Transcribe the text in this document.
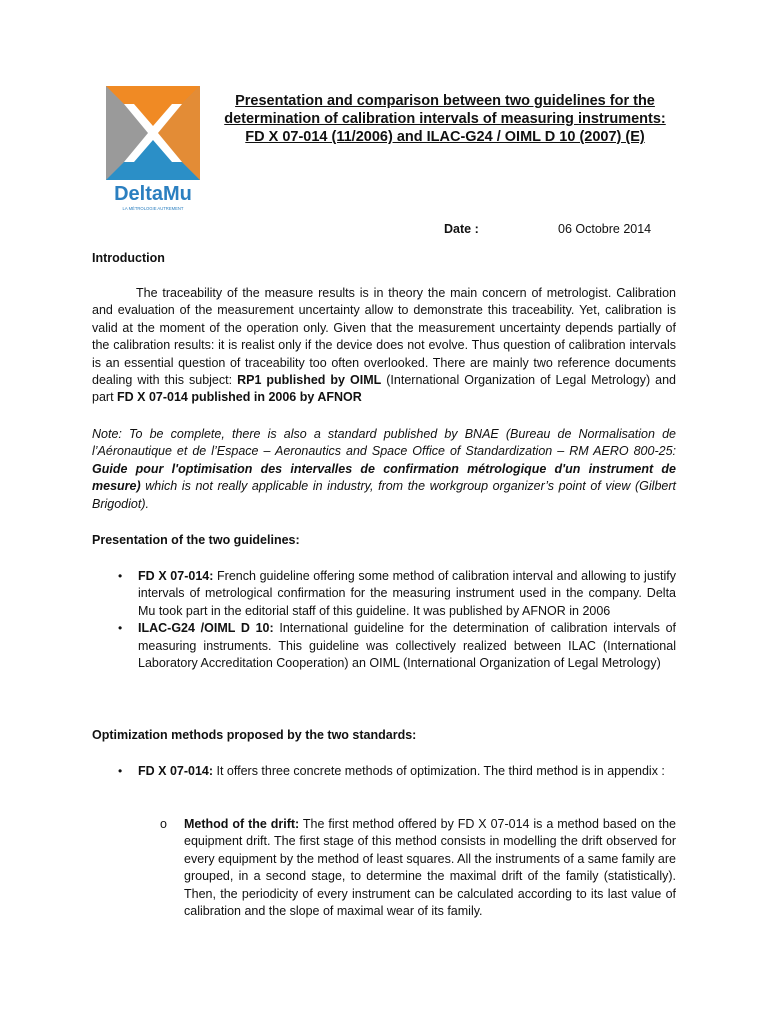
DeltaMu
LA MÉTROLOGIE AUTREMENT
Presentation and comparison between two guidelines for the determination of calibration intervals of measuring instruments: FD X 07-014 (11/2006) and ILAC-G24 / OIML D 10 (2007) (E)
Date :	06 Octobre 2014
Introduction
The traceability of the measure results is in theory the main concern of metrologist. Calibration and evaluation of the measurement uncertainty allow to demonstrate this traceability. Yet, calibration is valid at the moment of the operation only. Given that the measurement uncertainty depends partially of the calibration results: it is realist only if the device does not evolve. Thus question of calibration intervals is an essential question of traceability too often overlooked. There are mainly two reference documents dealing with this subject: RP1 published by OIML (International Organization of Legal Metrology) and part FD X 07-014 published in 2006 by AFNOR
Note: To be complete, there is also a standard published by BNAE (Bureau de Normalisation de l’Aéronautique et de l’Espace – Aeronautics and Space Office of Standardization – RM AERO 800-25: Guide pour l'optimisation des intervalles de confirmation métrologique d'un instrument de mesure) which is not really applicable in industry, from the workgroup organizer’s point of view (Gilbert Brigodiot).
Presentation of the two guidelines:
• FD X 07-014: French guideline offering some method of calibration interval and allowing to justify intervals of metrological confirmation for the measuring instrument used in the company. Delta Mu took part in the editorial staff of this guideline. It was published by AFNOR in 2006
• ILAC-G24 /OIML D 10: International guideline for the determination of calibration intervals of measuring instruments. This guideline was collectively realized between ILAC (International Laboratory Accreditation Cooperation) an OIML (International Organization of Legal Metrology)
Optimization methods proposed by the two standards:
• FD X 07-014: It offers three concrete methods of optimization. The third method is in appendix :
o Method of the drift: The first method offered by FD X 07-014 is a method based on the equipment drift. The first stage of this method consists in modelling the drift observed for every equipment by the method of least squares. All the instruments of a same family are grouped, in a second stage, to determine the maximal drift of the family (statistically). Then, the periodicity of every instrument can be calculated according to its last value of calibration and the slope of maximal wear of its family.
